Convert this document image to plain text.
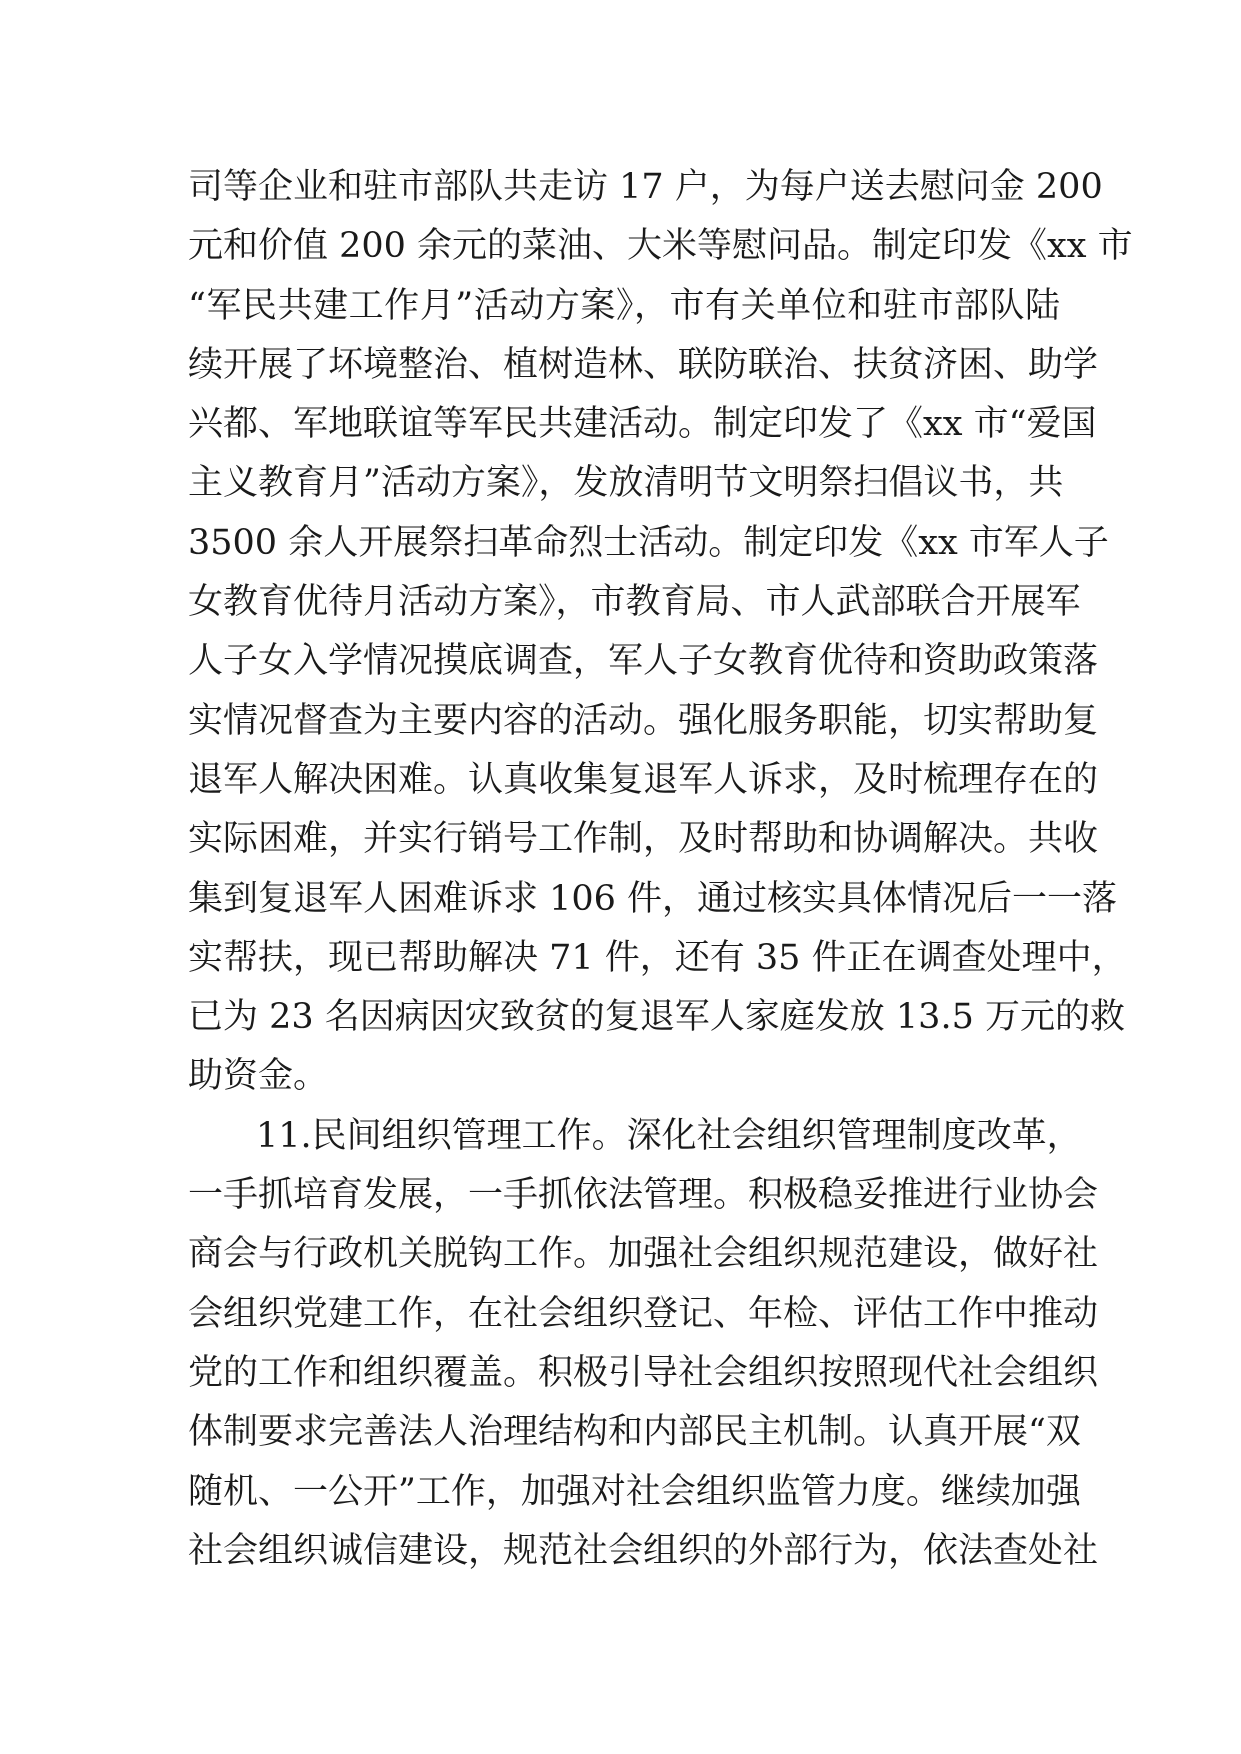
司等企业和驻市部队共走访 17 户，为每户送去慰问金 200
元和价值 200 余元的菜油、大米等慰问品。制定印发《xx 市
“军民共建工作月”活动方案》，市有关单位和驻市部队陆
续开展了坏境整治、植树造林、联防联治、扶贫济困、助学
兴都、军地联谊等军民共建活动。制定印发了《xx 市“爱国
主义教育月”活动方案》，发放清明节文明祭扫倡议书，共
3500 余人开展祭扫革命烈士活动。制定印发《xx 市军人子
女教育优待月活动方案》，市教育局、市人武部联合开展军
人子女入学情况摸底调查，军人子女教育优待和资助政策落
实情况督查为主要内容的活动。强化服务职能，切实帮助复
退军人解决困难。认真收集复退军人诉求，及时梳理存在的
实际困难，并实行销号工作制，及时帮助和协调解决。共收
集到复退军人困难诉求 106 件，通过核实具体情况后一一落
实帮扶，现已帮助解决 71 件，还有 35 件正在调查处理中，
已为 23 名因病因灾致贫的复退军人家庭发放 13.5 万元的救
助资金。
11.民间组织管理工作。深化社会组织管理制度改革，
一手抓培育发展，一手抓依法管理。积极稳妥推进行业协会
商会与行政机关脱钩工作。加强社会组织规范建设，做好社
会组织党建工作，在社会组织登记、年检、评估工作中推动
党的工作和组织覆盖。积极引导社会组织按照现代社会组织
体制要求完善法人治理结构和内部民主机制。认真开展“双
随机、一公开”工作，加强对社会组织监管力度。继续加强
社会组织诚信建设，规范社会组织的外部行为，依法查处社
